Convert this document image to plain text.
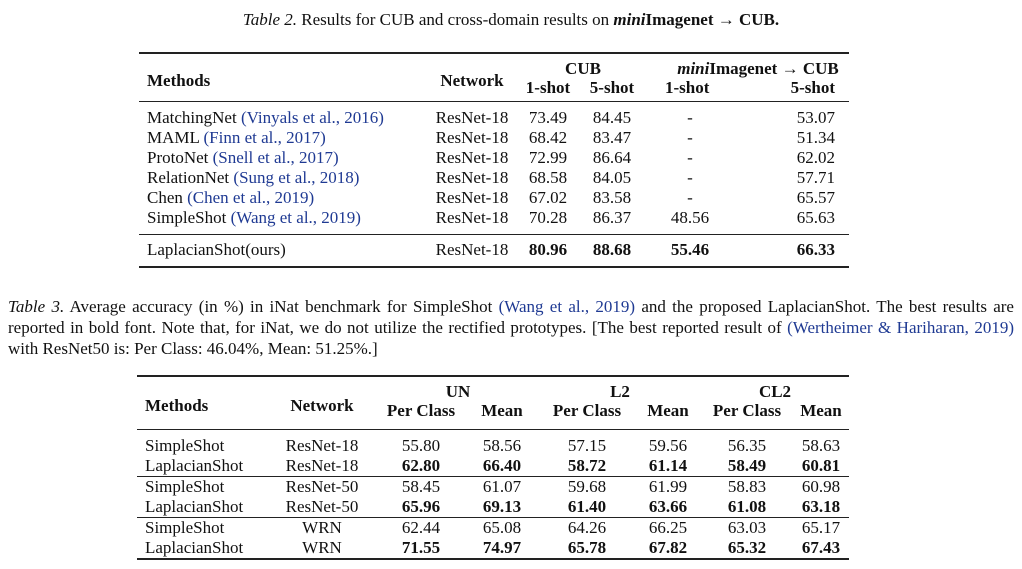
Table 2. Results for CUB and cross-domain results on miniImagenet → CUB.
Methods	Network	CUB		miniImagenet → CUB	
		1-shot	5-shot	1-shot	5-shot
MatchingNet (Vinyals et al., 2016)	ResNet-18	73.49	84.45	-	53.07
MAML (Finn et al., 2017)	ResNet-18	68.42	83.47	-	51.34
ProtoNet (Snell et al., 2017)	ResNet-18	72.99	86.64	-	62.02
RelationNet (Sung et al., 2018)	ResNet-18	68.58	84.05	-	57.71
Chen (Chen et al., 2019)	ResNet-18	67.02	83.58	-	65.57
SimpleShot (Wang et al., 2019)	ResNet-18	70.28	86.37	48.56	65.63
LaplacianShot(ours)	ResNet-18	80.96	88.68	55.46	66.33
Table 3. Average accuracy (in %) in iNat benchmark for SimpleShot (Wang et al., 2019) and the proposed LaplacianShot. The best results are reported in bold font. Note that, for iNat, we do not utilize the rectified prototypes. [The best reported result of (Wertheimer & Hariharan, 2019) with ResNet50 is: Per Class: 46.04%, Mean: 51.25%.]
Methods	Network	UN		L2		CL2	
		Per Class	Mean	Per Class	Mean	Per Class	Mean
SimpleShot	ResNet-18	55.80	58.56	57.15	59.56	56.35	58.63
LaplacianShot	ResNet-18	62.80	66.40	58.72	61.14	58.49	60.81
SimpleShot	ResNet-50	58.45	61.07	59.68	61.99	58.83	60.98
LaplacianShot	ResNet-50	65.96	69.13	61.40	63.66	61.08	63.18
SimpleShot	WRN	62.44	65.08	64.26	66.25	63.03	65.17
LaplacianShot	WRN	71.55	74.97	65.78	67.82	65.32	67.43
